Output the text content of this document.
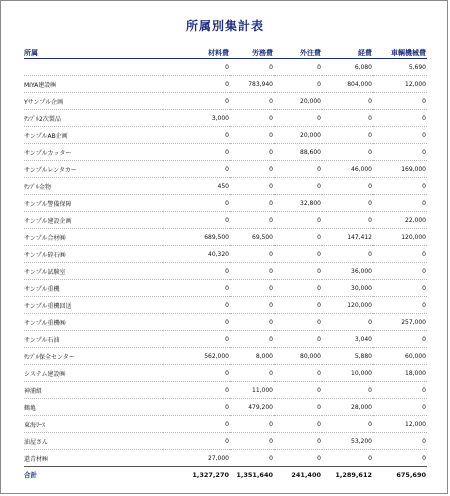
所属別集計表
所属	材料費	労務費	外注費	経費	車輌機械費
	0	0	0	6,080	5,690
MIYA建設㈱	0	783,940	0	804,000	12,000
Yサンプル企画	0	0	20,000	0	0
ｻﾝﾌﾟﾙ2次製品	3,000	0	0	0	0
サンプルAB企画	0	0	20,000	0	0
サンプルカッター	0	0	88,600	0	0
サンプルレンタカー	0	0	0	46,000	169,000
ｻﾝﾌﾟﾙ金物	450	0	0	0	0
サンプル警備保障	0	0	32,800	0	0
サンプル建設企画	0	0	0	0	22,000
サンプル合材㈱	689,500	69,500	0	147,412	120,000
サンプル砕石㈱	40,320	0	0	0	0
サンプル試験室	0	0	0	36,000	0
サンプル重機	0	0	0	30,000	0
サンプル重機回送	0	0	0	120,000	0
サンプル重機㈱	0	0	0	0	257,000
サンプル石油	0	0	0	3,040	0
ｻﾝﾌﾟﾙ保全センター	562,000	8,000	80,000	5,880	60,000
システム建設㈱	0	0	0	10,000	18,000
神浦組	0	11,000	0	0	0
鶴亀	0	479,200	0	28,000	0
東海ﾘｰｽ	0	0	0	0	12,000
油屋さん	0	0	0	53,200	0
還青材㈱	27,000	0	0	0	0
合計	1,327,270	1,351,640	241,400	1,289,612	675,690
